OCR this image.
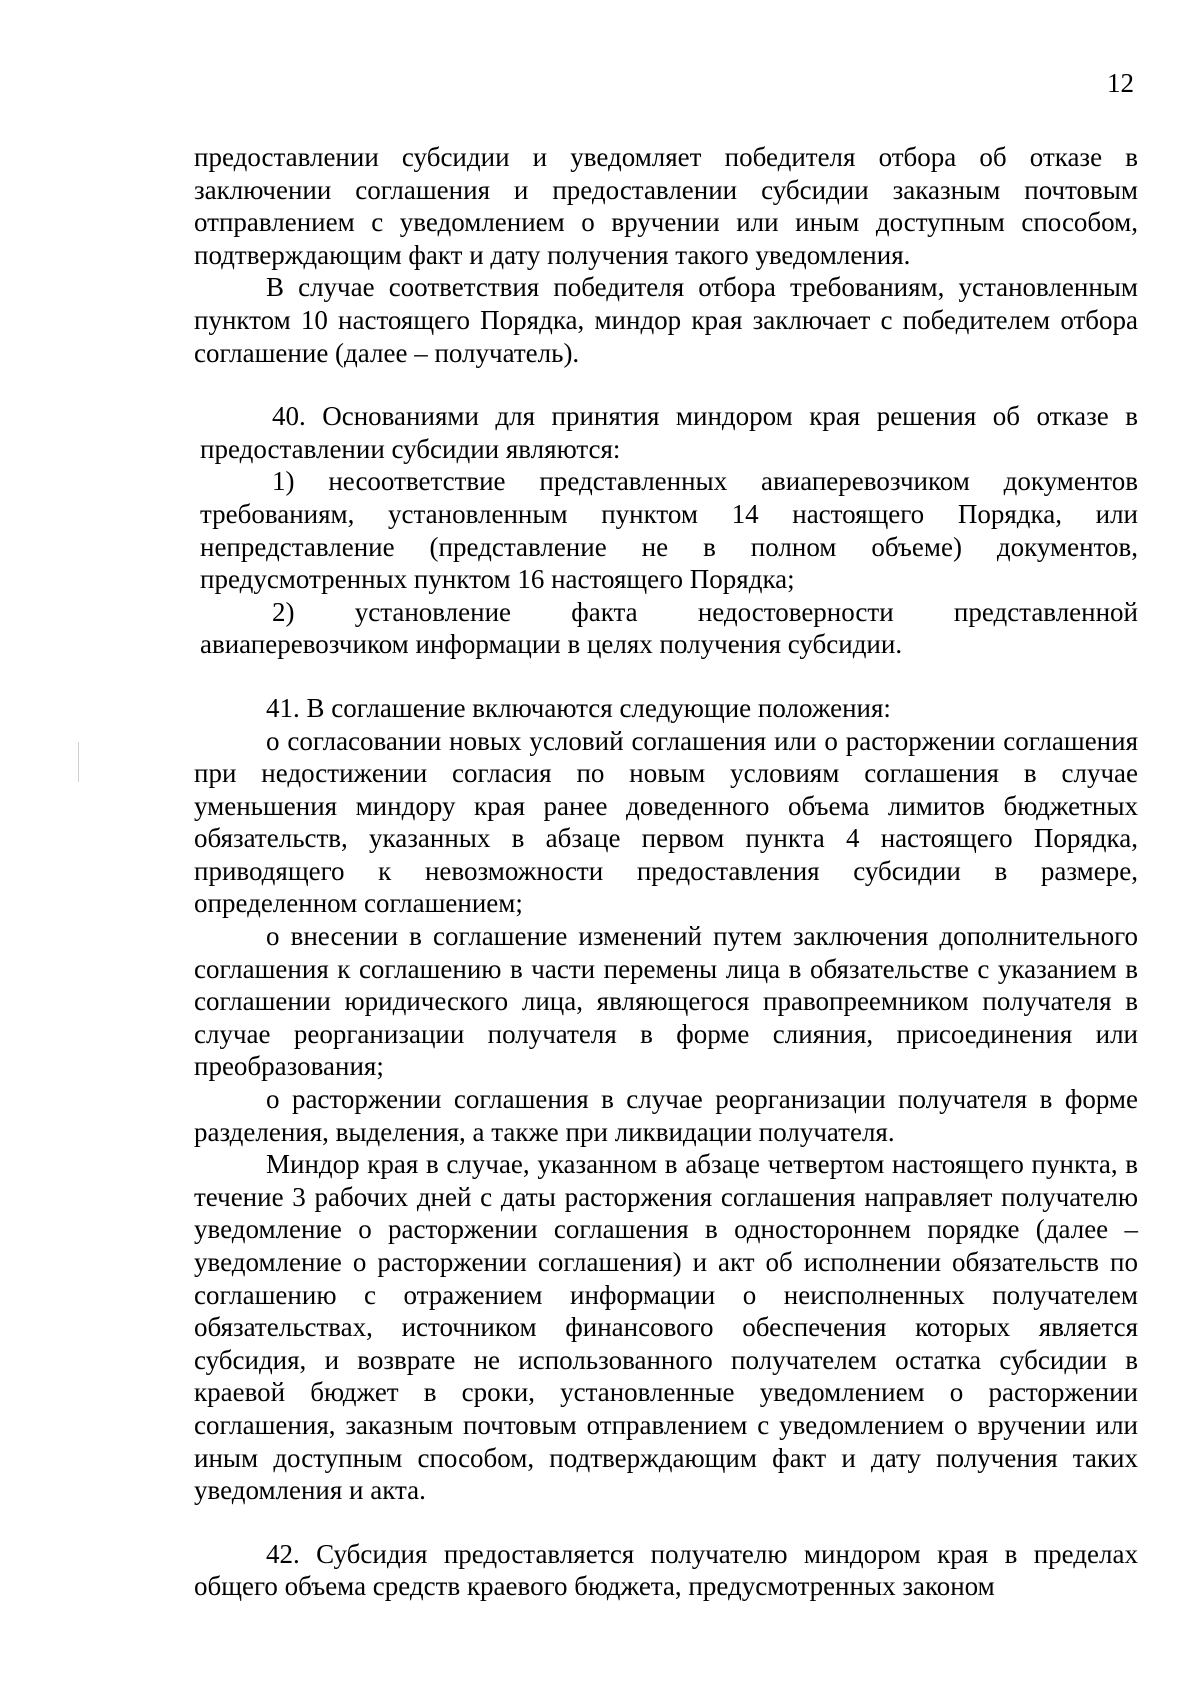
12

предоставлении субсидии и уведомляет победителя отбора об отказе в заключении соглашения и предоставлении субсидии заказным почтовым отправлением с уведомлением о вручении или иным доступным способом, подтверждающим факт и дату получения такого уведомления.

В случае соответствия победителя отбора требованиям, установленным пунктом 10 настоящего Порядка, миндор края заключает с победителем отбора соглашение (далее – получатель).

40. Основаниями для принятия миндором края решения об отказе в предоставлении субсидии являются:

1) несоответствие представленных авиаперевозчиком документов требованиям, установленным пунктом 14 настоящего Порядка, или непредставление (представление не в полном объеме) документов, предусмотренных пунктом 16 настоящего Порядка;

2) установление факта недостоверности представленной авиаперевозчиком информации в целях получения субсидии.

41. В соглашение включаются следующие положения:

о согласовании новых условий соглашения или о расторжении соглашения при недостижении согласия по новым условиям соглашения в случае уменьшения миндору края ранее доведенного объема лимитов бюджетных обязательств, указанных в абзаце первом пункта 4 настоящего Порядка, приводящего к невозможности предоставления субсидии в размере, определенном соглашением;

о внесении в соглашение изменений путем заключения дополнительного соглашения к соглашению в части перемены лица в обязательстве с указанием в соглашении юридического лица, являющегося правопреемником получателя в случае реорганизации получателя в форме слияния, присоединения или преобразования;

о расторжении соглашения в случае реорганизации получателя в форме разделения, выделения, а также при ликвидации получателя.

Миндор края в случае, указанном в абзаце четвертом настоящего пункта, в течение 3 рабочих дней с даты расторжения соглашения направляет получателю уведомление о расторжении соглашения в одностороннем порядке (далее – уведомление о расторжении соглашения) и акт об исполнении обязательств по соглашению с отражением информации о неисполненных получателем обязательствах, источником финансового обеспечения которых является субсидия, и возврате не использованного получателем остатка субсидии в краевой бюджет в сроки, установленные уведомлением о расторжении соглашения, заказным почтовым отправлением с уведомлением о вручении или иным доступным способом, подтверждающим факт и дату получения таких уведомления и акта.

42. Субсидия предоставляется получателю миндором края в пределах общего объема средств краевого бюджета, предусмотренных законом
